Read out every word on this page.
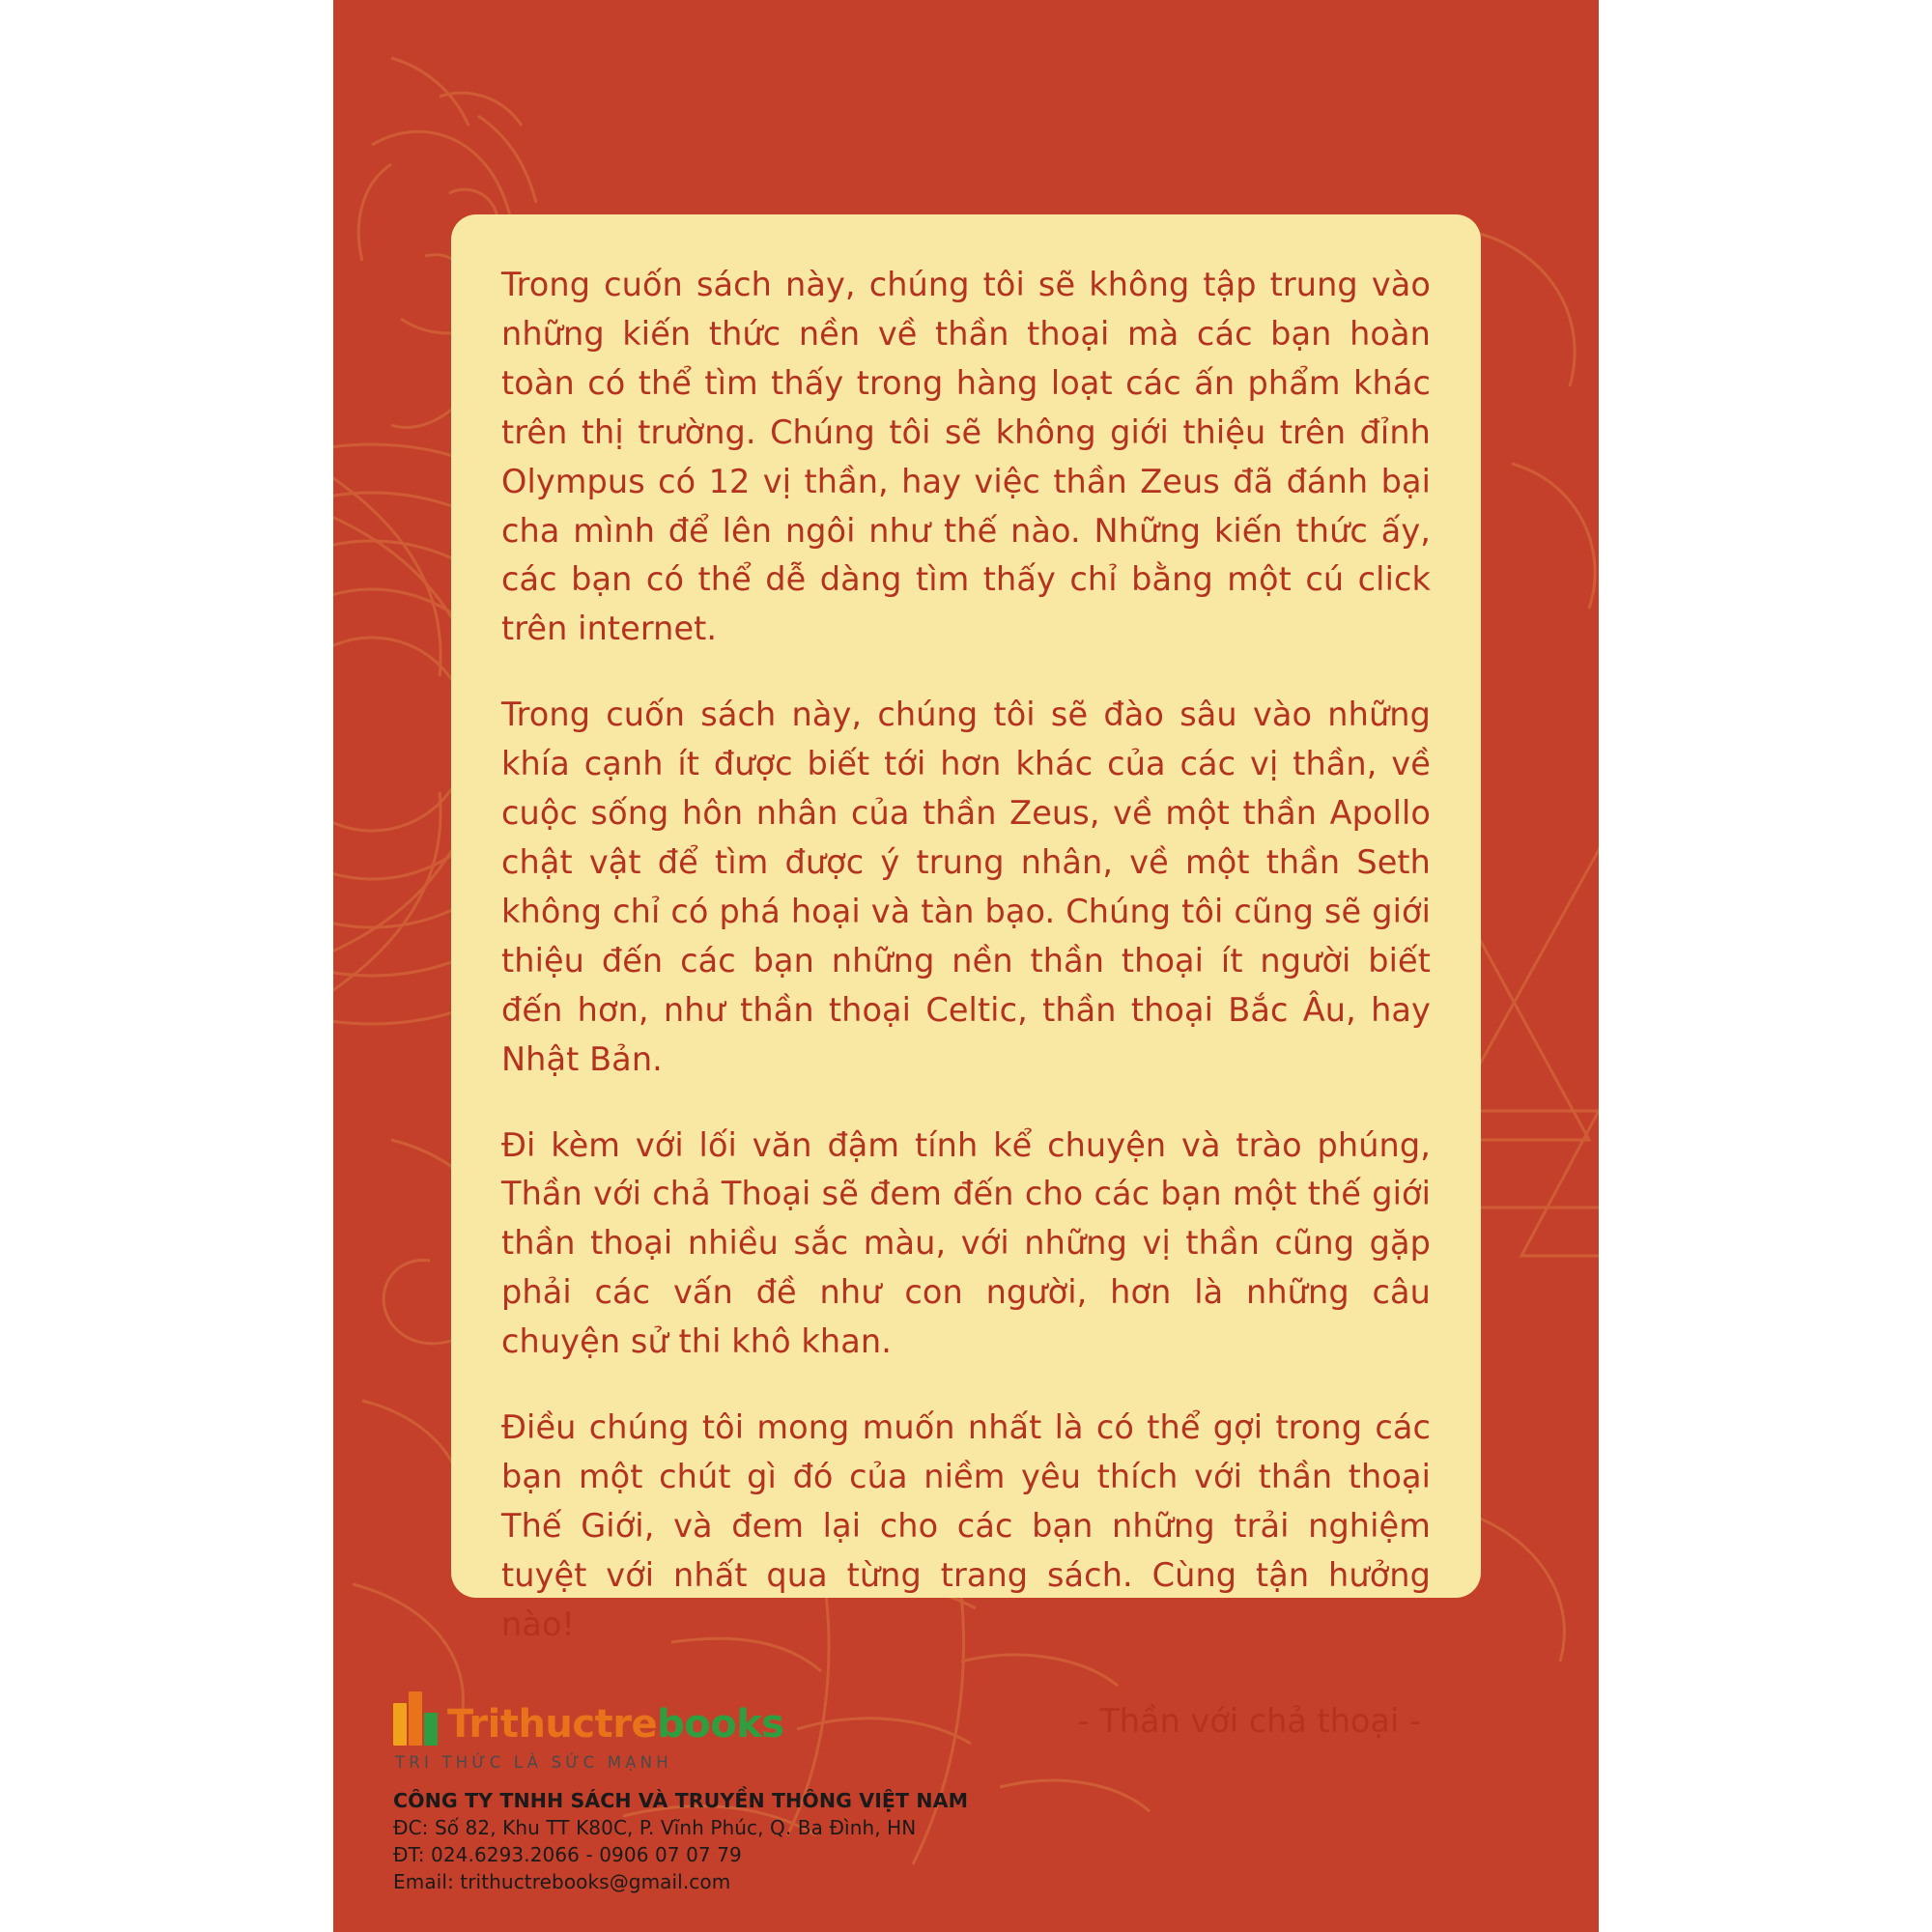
Trong cuốn sách này, chúng tôi sẽ không tập trung vào những kiến thức nền về thần thoại mà các bạn hoàn toàn có thể tìm thấy trong hàng loạt các ấn phẩm khác trên thị trường. Chúng tôi sẽ không giới thiệu trên đỉnh Olympus có 12 vị thần, hay việc thần Zeus đã đánh bại cha mình để lên ngôi như thế nào. Những kiến thức ấy, các bạn có thể dễ dàng tìm thấy chỉ bằng một cú click trên internet.

Trong cuốn sách này, chúng tôi sẽ đào sâu vào những khía cạnh ít được biết tới hơn khác của các vị thần, về cuộc sống hôn nhân của thần Zeus, về một thần Apollo chật vật để tìm được ý trung nhân, về một thần Seth không chỉ có phá hoại và tàn bạo. Chúng tôi cũng sẽ giới thiệu đến các bạn những nền thần thoại ít người biết đến hơn, như thần thoại Celtic, thần thoại Bắc Âu, hay Nhật Bản.

Đi kèm với lối văn đậm tính kể chuyện và trào phúng, Thần với chả Thoại sẽ đem đến cho các bạn một thế giới thần thoại nhiều sắc màu, với những vị thần cũng gặp phải các vấn đề như con người, hơn là những câu chuyện sử thi khô khan.

Điều chúng tôi mong muốn nhất là có thể gợi trong các bạn một chút gì đó của niềm yêu thích với thần thoại Thế Giới, và đem lại cho các bạn những trải nghiệm tuyệt với nhất qua từng trang sách. Cùng tận hưởng nào!

- Thần với chả thoại -
Trithuctrebooks
TRI THỨC LÀ SỨC MẠNH
CÔNG TY TNHH SÁCH VÀ TRUYỀN THÔNG VIỆT NAM
ĐC: Số 82, Khu TT K80C, P. Vĩnh Phúc, Q. Ba Đình, HN
ĐT: 024.6293.2066 - 0906 07 07 79
Email: trithuctrebooks@gmail.com
